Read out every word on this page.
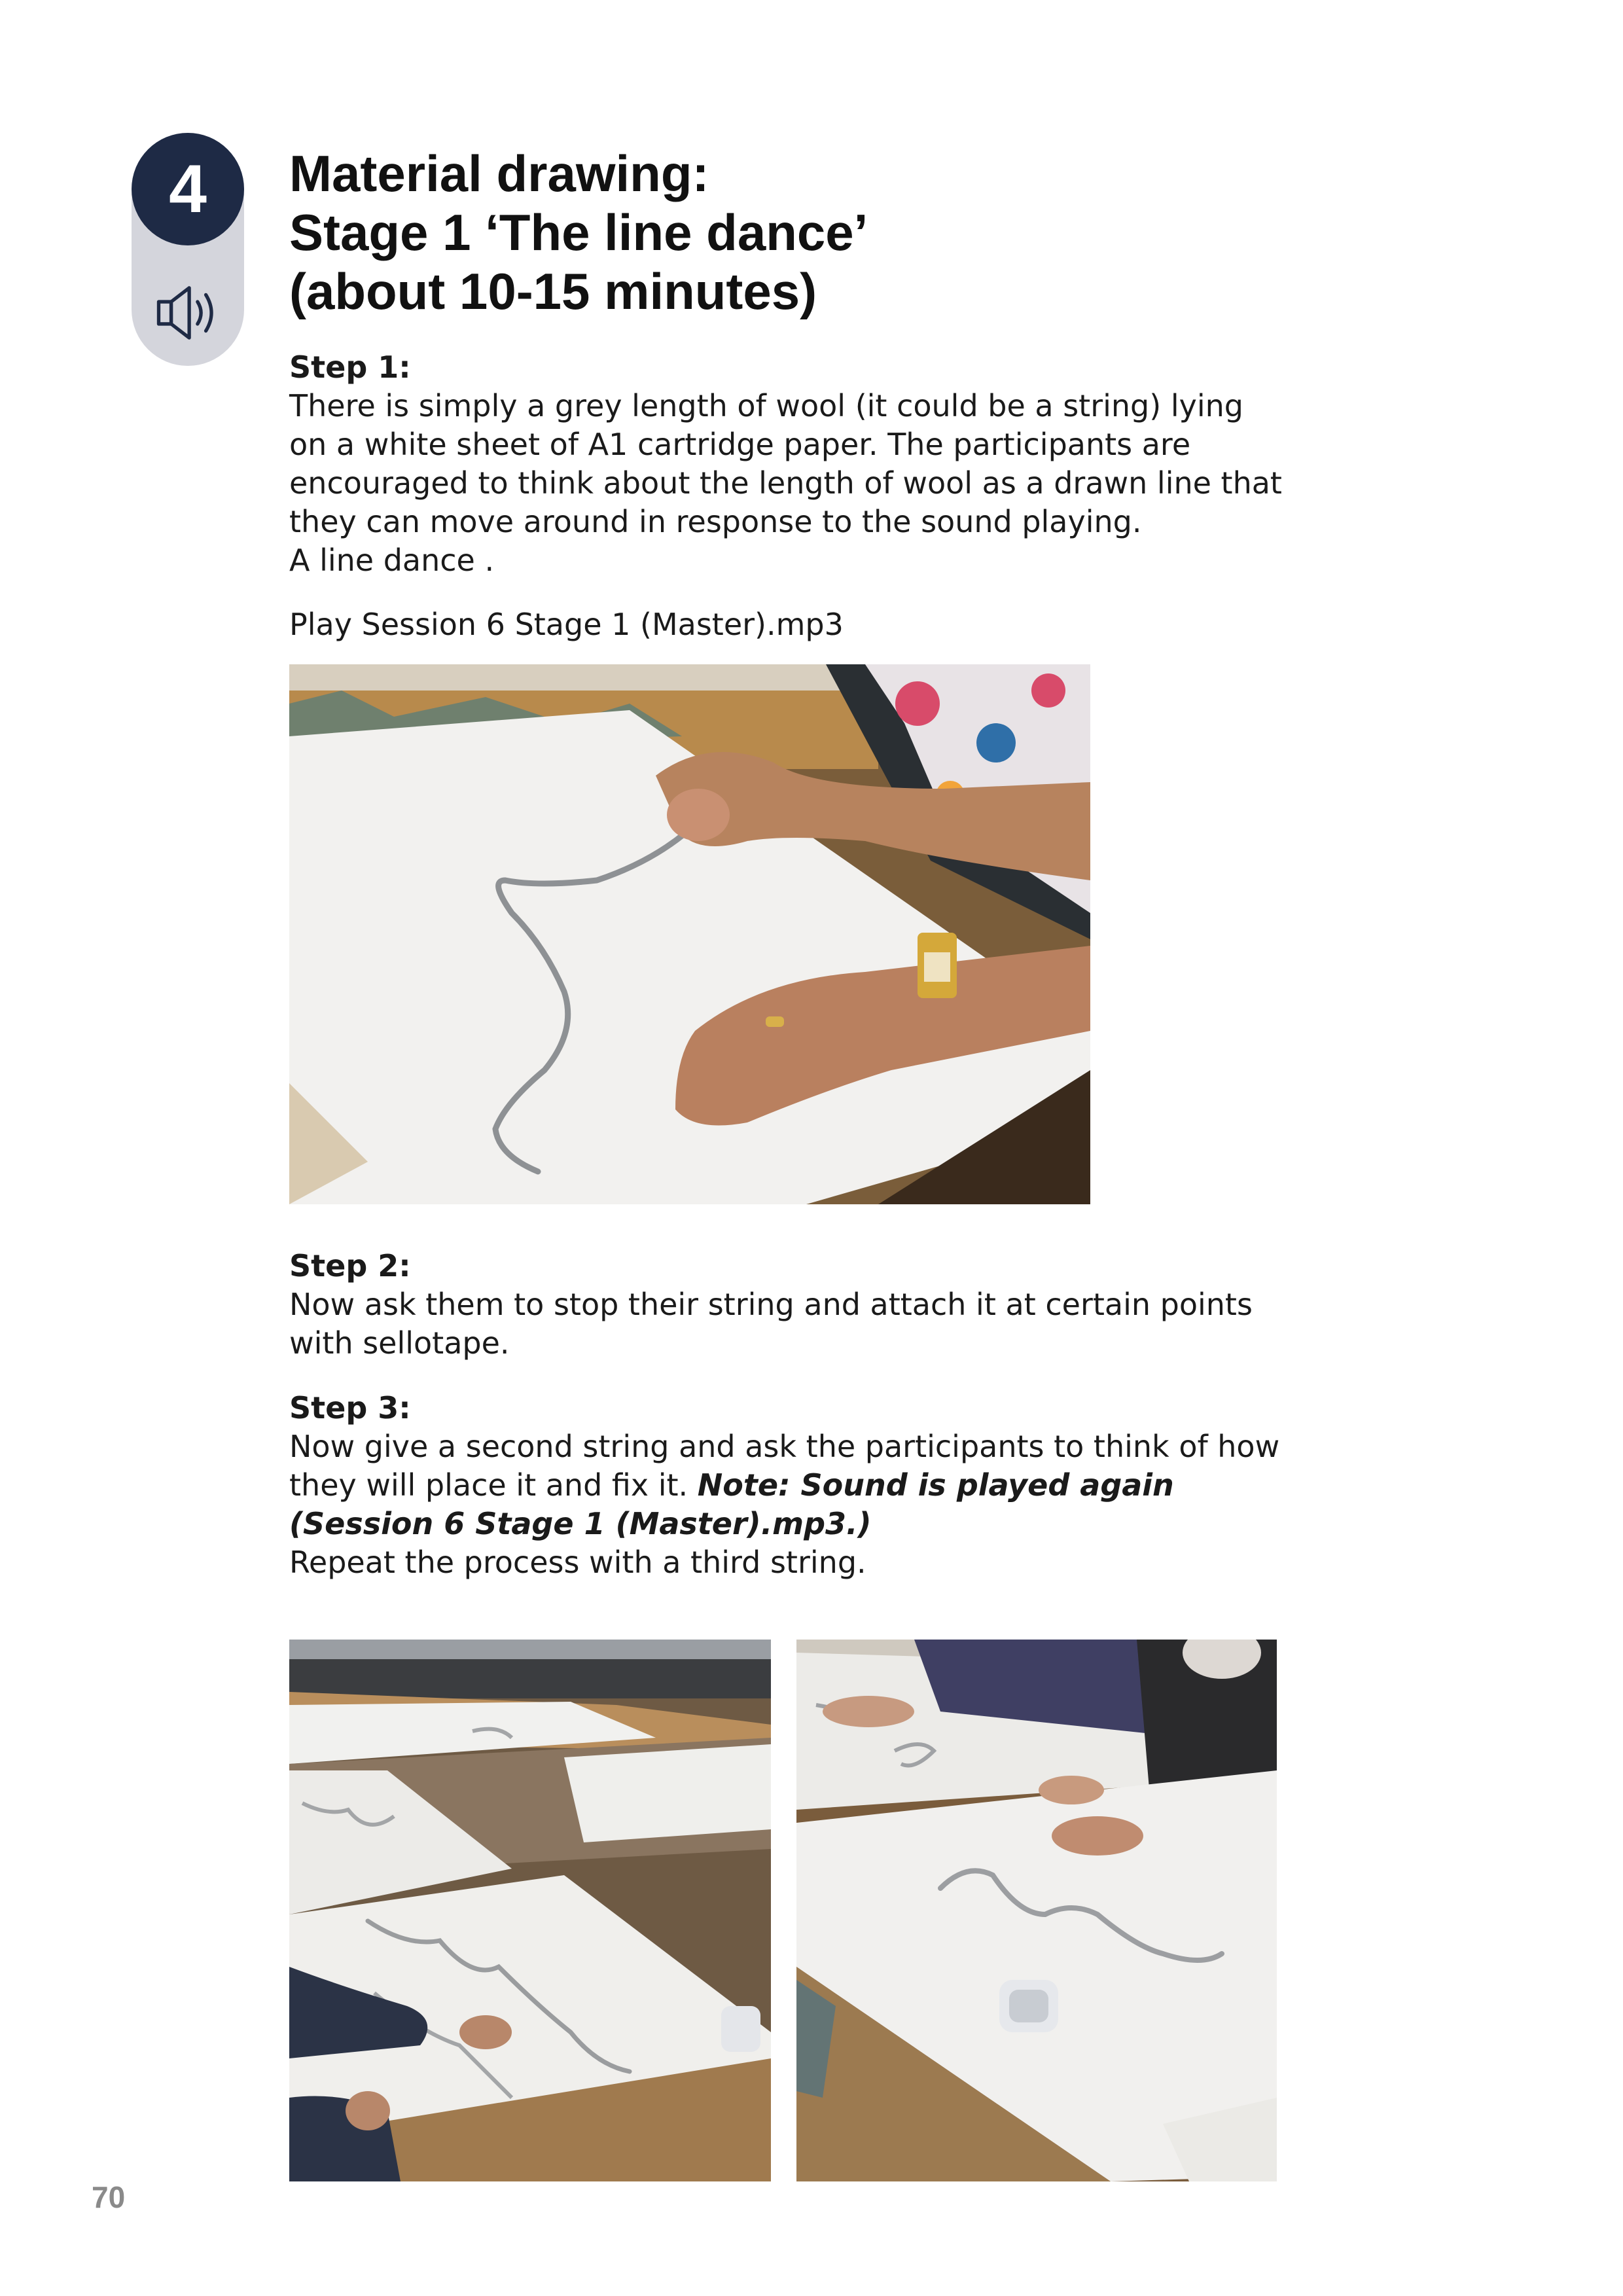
4	Material drawing:
Stage 1 ‘The line dance’
(about 10-15 minutes)
Step 1:
There is simply a grey length of wool (it could be a string) lying
on a white sheet of A1 cartridge paper. The participants are
encouraged to think about the length of wool as a drawn line that
they can move around in response to the sound playing.
A line dance .
Play Session 6 Stage 1 (Master).mp3
Step 2:
Now ask them to stop their string and attach it at certain points
with sellotape.
Step 3:
Now give a second string and ask the participants to think of how
they will place it and fix it. Note: Sound is played again
(Session 6 Stage 1 (Master).mp3.)
Repeat the process with a third string.
70
